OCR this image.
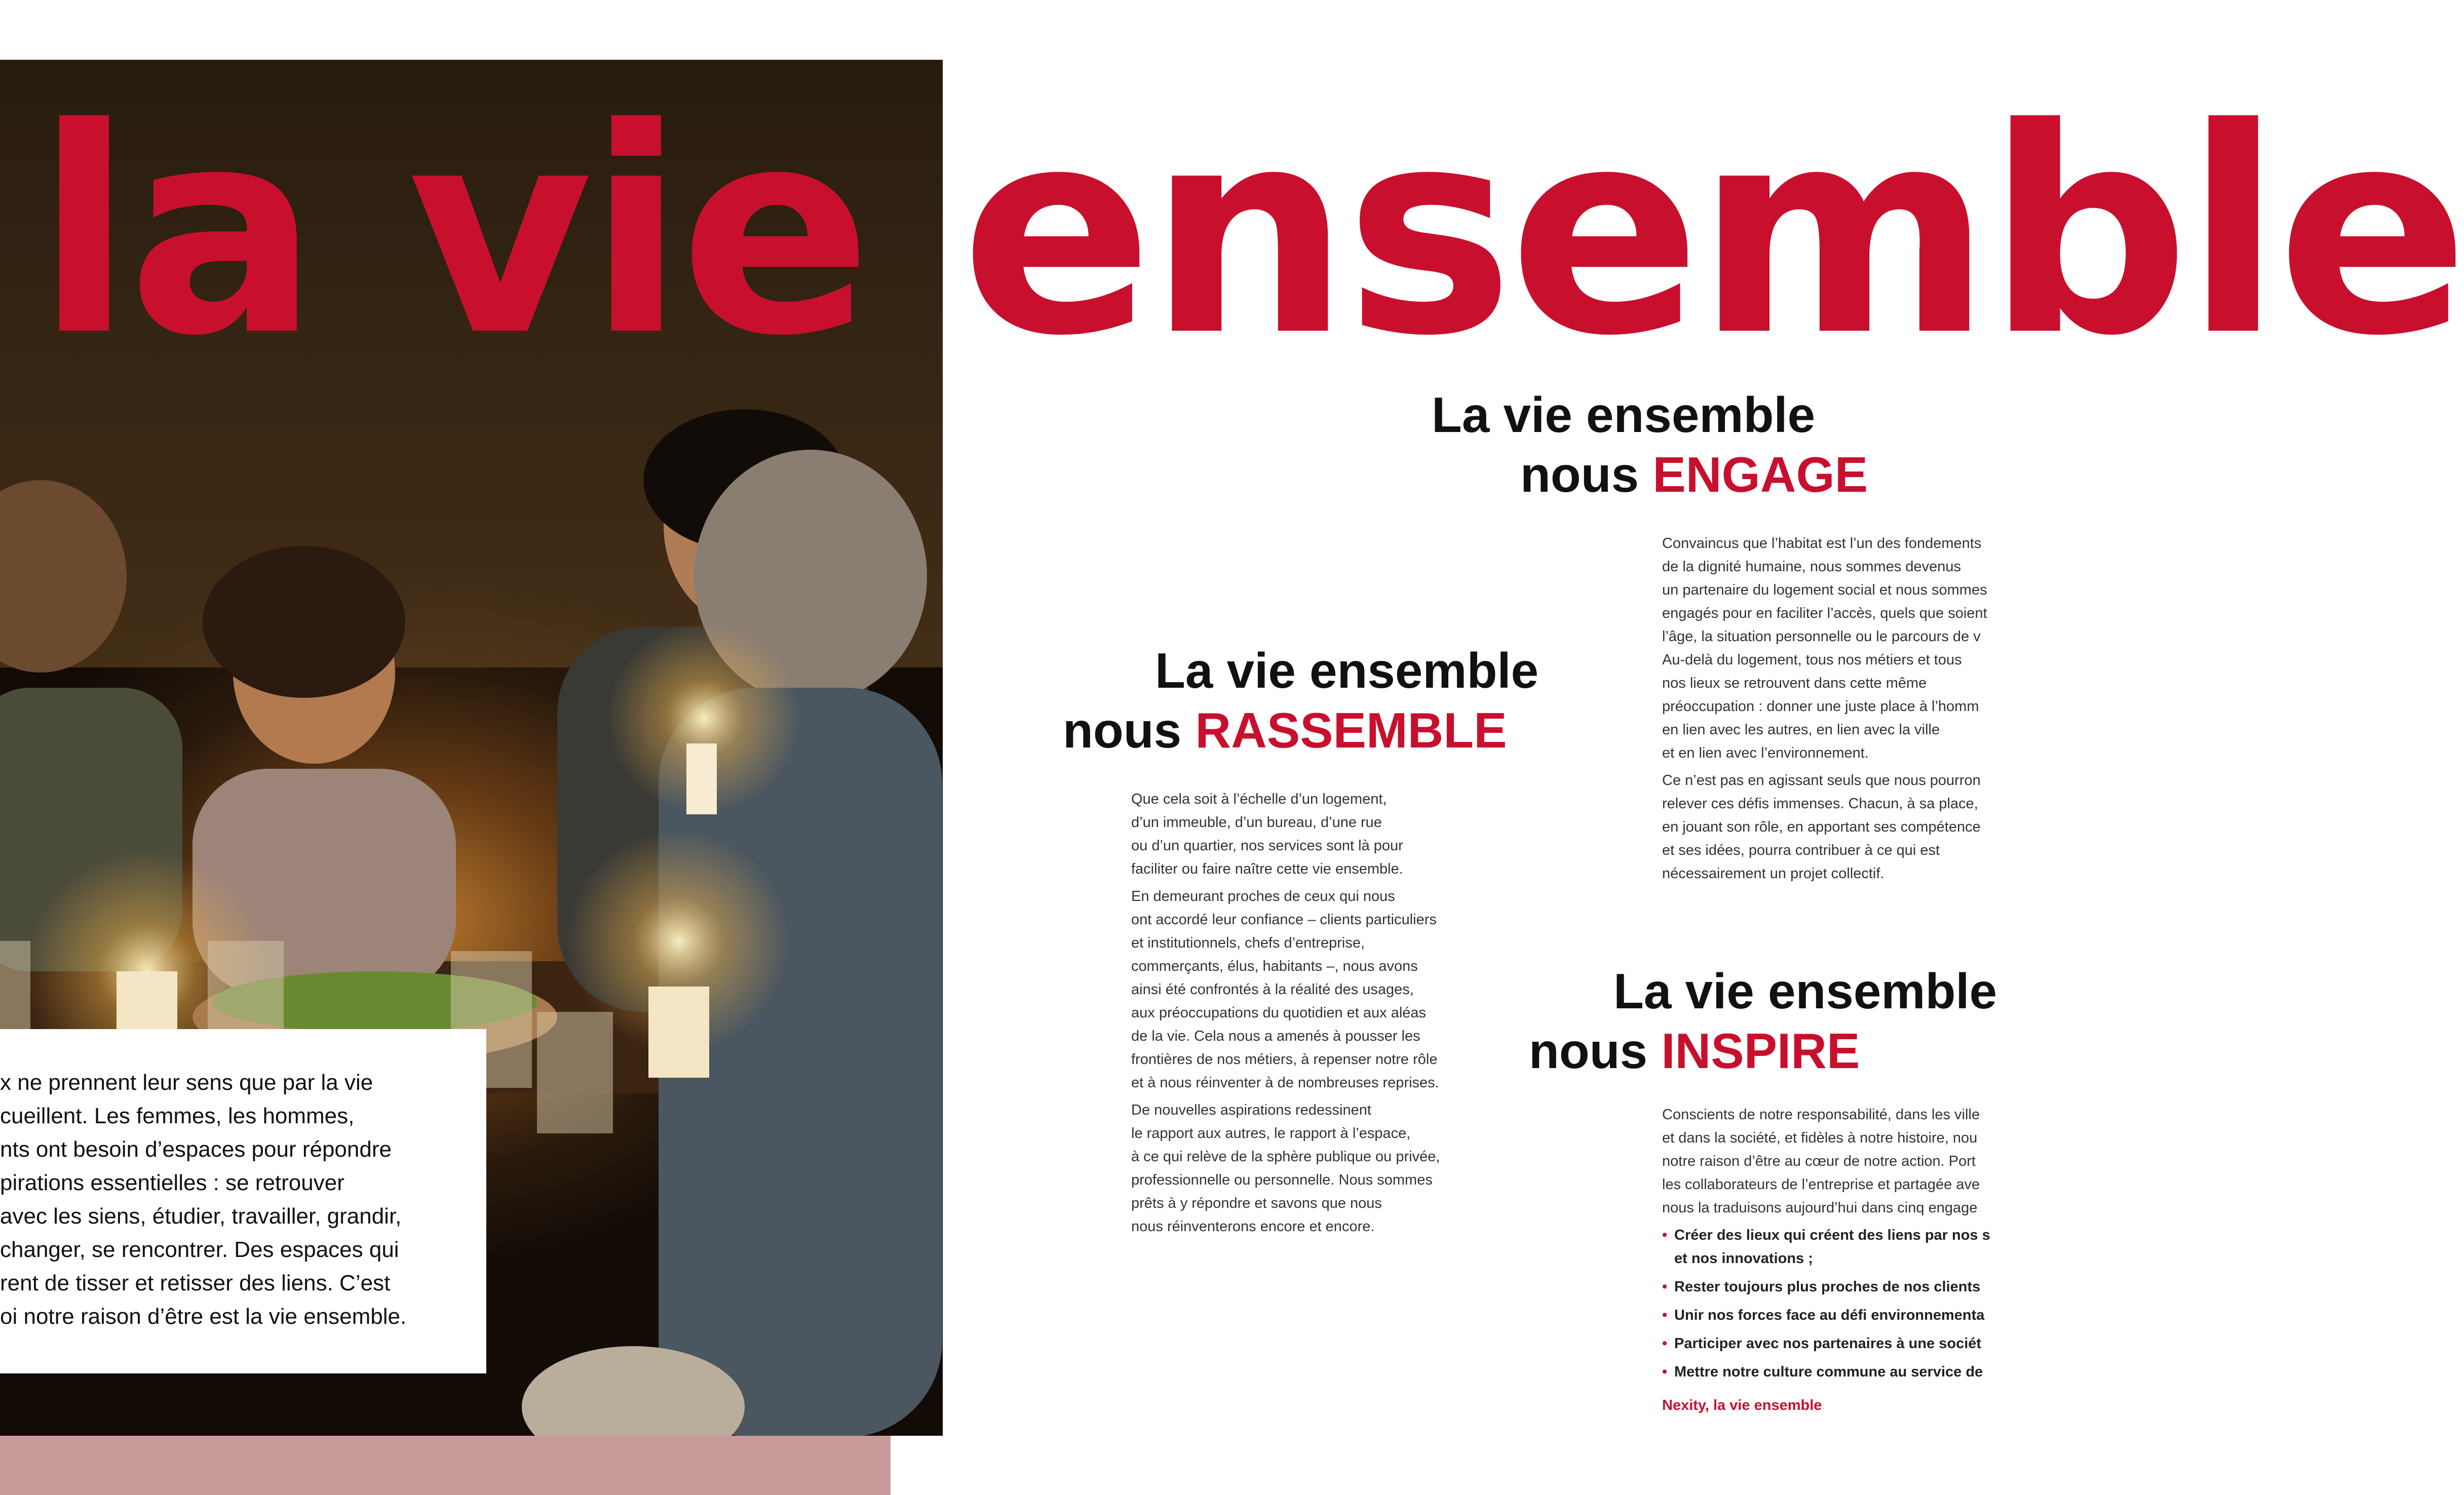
la vie ensemble
x ne prennent leur sens que par la vie
cueillent. Les femmes, les hommes,
nts ont besoin d’espaces pour répondre
pirations essentielles : se retrouver
avec les siens, étudier, travailler, grandir,
changer, se rencontrer. Des espaces qui
rent de tisser et retisser des liens. C’est
oi notre raison d’être est la vie ensemble.
La vie ensemble
nous ENGAGE

Convaincus que l’habitat est l’un des fondements
de la dignité humaine, nous sommes devenus
un partenaire du logement social et nous sommes
engagés pour en faciliter l’accès, quels que soient
l’âge, la situation personnelle ou le parcours de v
Au-delà du logement, tous nos métiers et tous
nos lieux se retrouvent dans cette même
préoccupation : donner une juste place à l’homm
en lien avec les autres, en lien avec la ville
et en lien avec l’environnement.

Ce n’est pas en agissant seuls que nous pourron
relever ces défis immenses. Chacun, à sa place,
en jouant son rôle, en apportant ses compétence
et ses idées, pourra contribuer à ce qui est
nécessairement un projet collectif.

La vie ensemble
nous RASSEMBLE

Que cela soit à l’échelle d’un logement,
d’un immeuble, d’un bureau, d’une rue
ou d’un quartier, nos services sont là pour
faciliter ou faire naître cette vie ensemble.

En demeurant proches de ceux qui nous
ont accordé leur confiance – clients particuliers
et institutionnels, chefs d’entreprise,
commerçants, élus, habitants –, nous avons
ainsi été confrontés à la réalité des usages,
aux préoccupations du quotidien et aux aléas
de la vie. Cela nous a amenés à pousser les
frontières de nos métiers, à repenser notre rôle
et à nous réinventer à de nombreuses reprises.

De nouvelles aspirations redessinent
le rapport aux autres, le rapport à l’espace,
à ce qui relève de la sphère publique ou privée,
professionnelle ou personnelle. Nous sommes
prêts à y répondre et savons que nous
nous réinventerons encore et encore.

La vie ensemble
nous INSPIRE

Conscients de notre responsabilité, dans les ville
et dans la société, et fidèles à notre histoire, nou
notre raison d’être au cœur de notre action. Port
les collaborateurs de l’entreprise et partagée ave
nous la traduisons aujourd’hui dans cinq engage

• Créer des lieux qui créent des liens par nos s
et nos innovations ;
• Rester toujours plus proches de nos clients
• Unir nos forces face au défi environnementa
• Participer avec nos partenaires à une sociét
• Mettre notre culture commune au service de
Nexity, la vie ensemble
